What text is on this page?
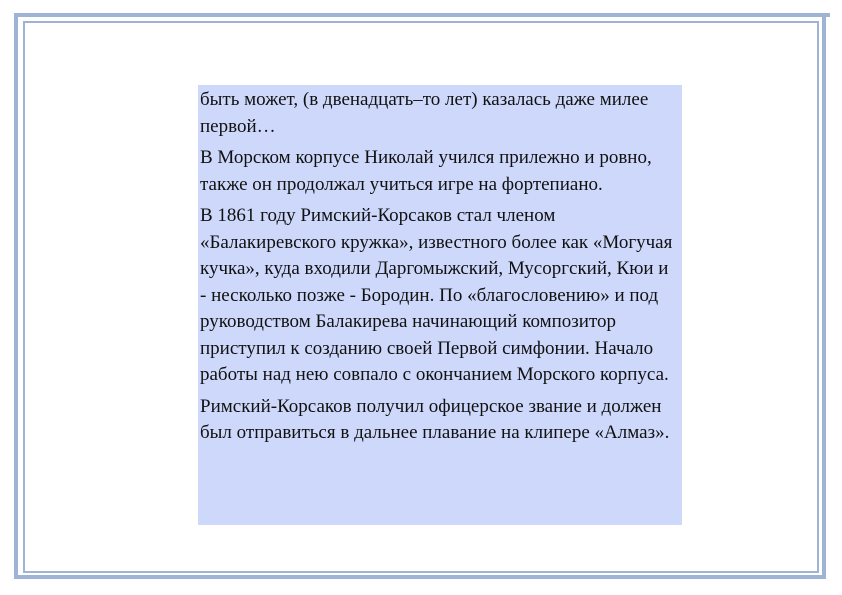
быть может, (в двенадцать–то лет) казалась даже милее первой…

В Морском корпусе Николай учился прилежно и ровно, также он продолжал учиться игре на фортепиано.

В 1861 году Римский-Корсаков стал членом «Балакиревского кружка», известного более как «Могучая кучка», куда входили Даргомыжский, Мусоргский, Кюи и - несколько позже - Бородин. По «благословению» и под руководством Балакирева начинающий композитор приступил к созданию своей Первой симфонии. Начало работы над нею совпало с окончанием Морского корпуса.

Римский-Корсаков получил офицерское звание и должен был отправиться в дальнее плавание на клипере «Алмаз».
